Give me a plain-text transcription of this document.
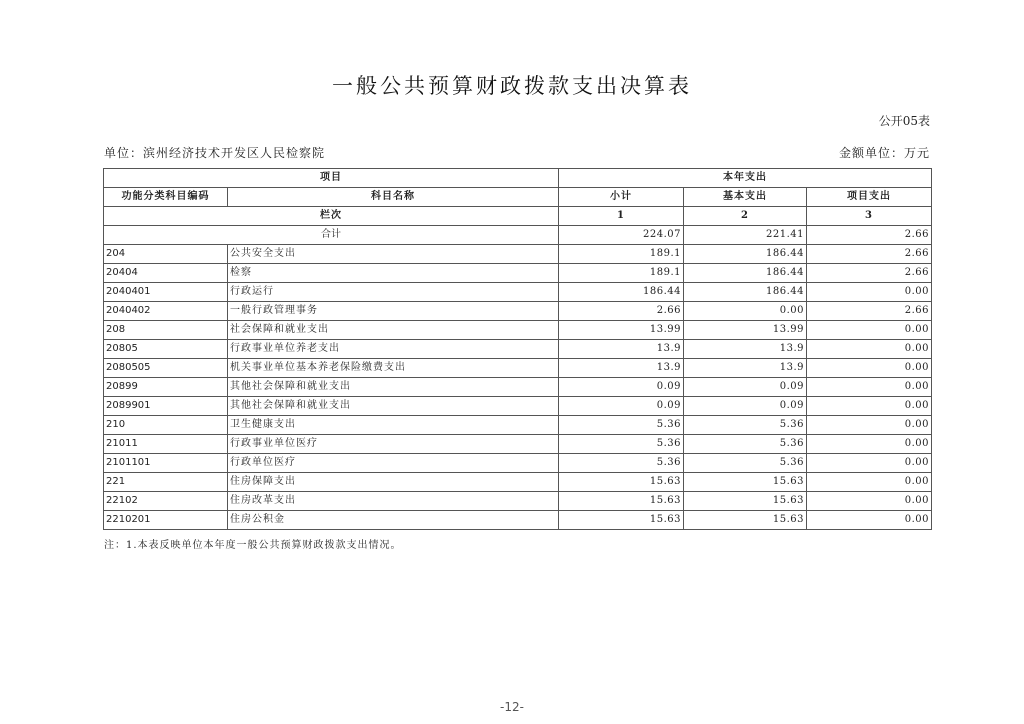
一般公共预算财政拨款支出决算表
公开05表
单位：滨州经济技术开发区人民检察院	金额单位：万元
项目		本年支出		
功能分类科目编码	科目名称	小计	基本支出	项目支出
栏次		1	2	3
合计		224.07	221.41	2.66
204	公共安全支出	189.1	186.44	2.66
20404	检察	189.1	186.44	2.66
2040401	行政运行	186.44	186.44	0.00
2040402	一般行政管理事务	2.66	0.00	2.66
208	社会保障和就业支出	13.99	13.99	0.00
20805	行政事业单位养老支出	13.9	13.9	0.00
2080505	机关事业单位基本养老保险缴费支出	13.9	13.9	0.00
20899	其他社会保障和就业支出	0.09	0.09	0.00
2089901	其他社会保障和就业支出	0.09	0.09	0.00
210	卫生健康支出	5.36	5.36	0.00
21011	行政事业单位医疗	5.36	5.36	0.00
2101101	行政单位医疗	5.36	5.36	0.00
221	住房保障支出	15.63	15.63	0.00
22102	住房改革支出	15.63	15.63	0.00
2210201	住房公积金	15.63	15.63	0.00
注：1.本表反映单位本年度一般公共预算财政拨款支出情况。
-12-
